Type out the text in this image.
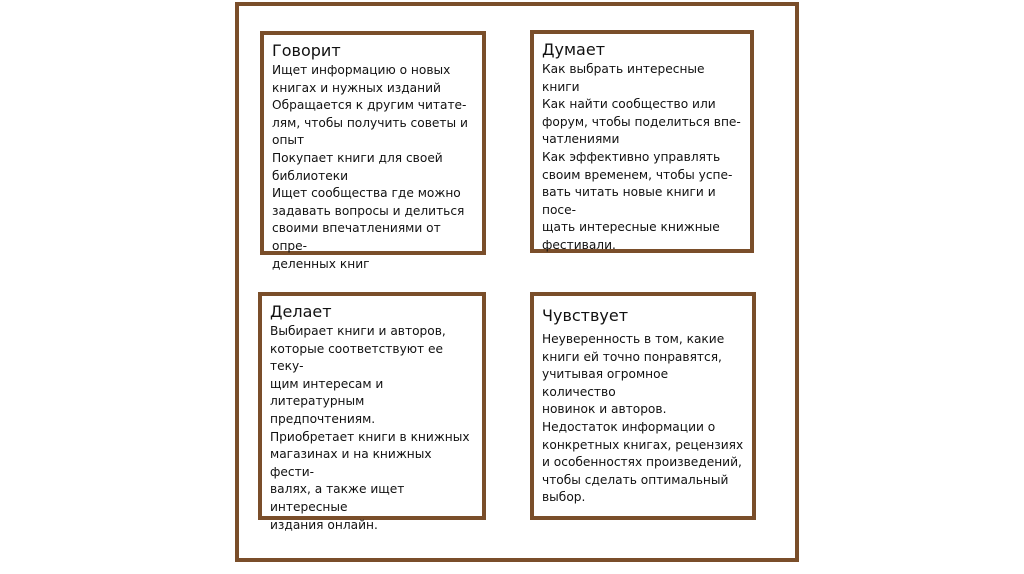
Говорит

Ищет информацию о новых
книгах и нужных изданий
Обращается к другим читате-
лям, чтобы получить советы и
опыт
Покупает книги для своей
библиотеки
Ищет сообщества где можно
задавать вопросы и делиться
своими впечатлениями от опре-
деленных книг

Думает

Как выбрать интересные книги
Как найти сообщество или
форум, чтобы поделиться впе-
чатлениями
Как эффективно управлять
своим временем, чтобы успе-
вать читать новые книги и посе-
щать интересные книжные
фестивали.

Делает

Выбирает книги и авторов,
которые соответствуют ее теку-
щим интересам и литературным
предпочтениям.
Приобретает книги в книжных
магазинах и на книжных фести-
валях, а также ищет интересные
издания онлайн.

Чувствует

Неуверенность в том, какие
книги ей точно понравятся,
учитывая огромное количество
новинок и авторов.
Недостаток информации о
конкретных книгах, рецензиях
и особенностях произведений,
чтобы сделать оптимальный
выбор.
